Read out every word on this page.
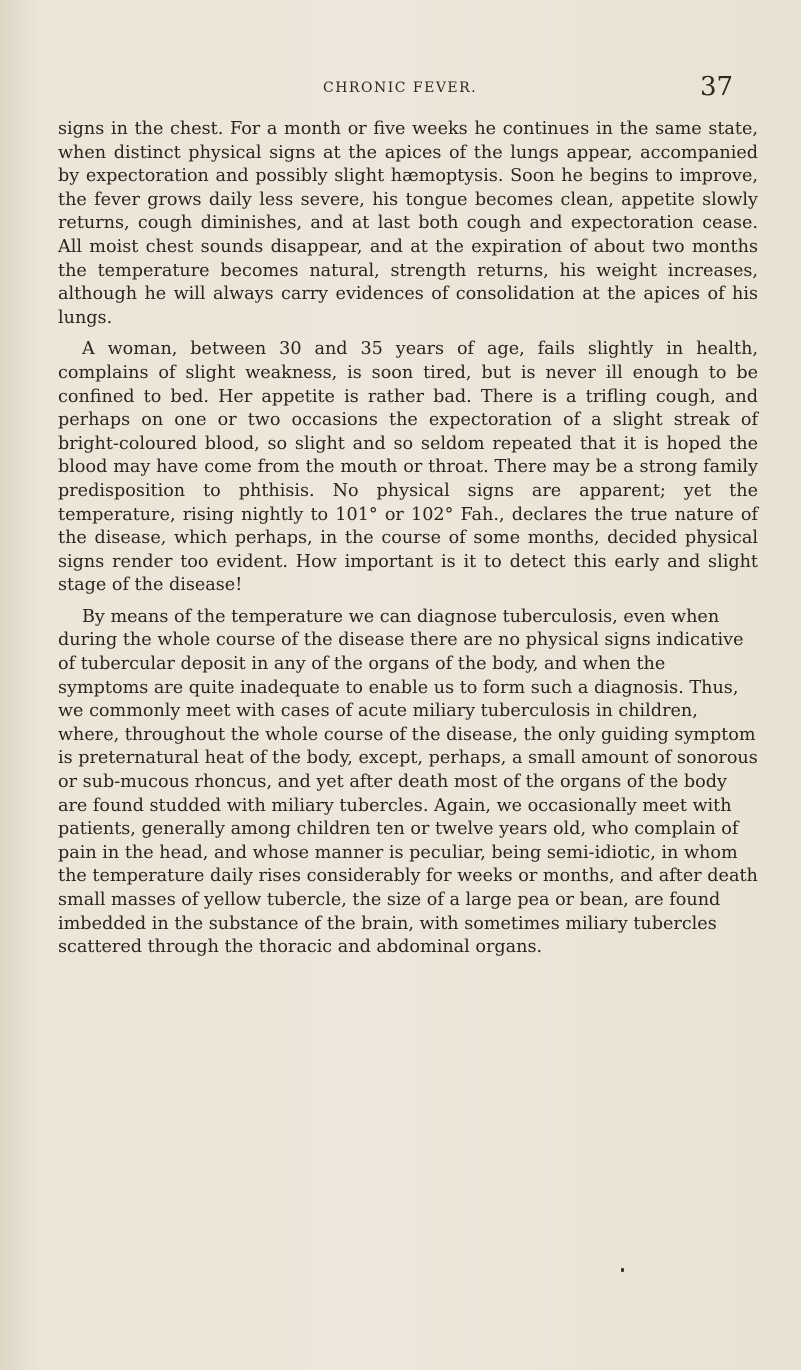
CHRONIC FEVER.	37

signs in the chest. For a month or five weeks he continues in the same state, when distinct physical signs at the apices of the lungs appear, accompanied by expectoration and possibly slight hæmoptysis. Soon he begins to improve, the fever grows daily less severe, his tongue becomes clean, appetite slowly returns, cough diminishes, and at last both cough and expectoration cease. All moist chest sounds disappear, and at the expiration of about two months the temperature becomes natural, strength returns, his weight increases, although he will always carry evidences of consolidation at the apices of his lungs.

A woman, between 30 and 35 years of age, fails slightly in health, complains of slight weakness, is soon tired, but is never ill enough to be confined to bed. Her appetite is rather bad. There is a trifling cough, and perhaps on one or two occasions the expectoration of a slight streak of bright-coloured blood, so slight and so seldom repeated that it is hoped the blood may have come from the mouth or throat. There may be a strong family predisposition to phthisis. No physical signs are apparent; yet the temperature, rising nightly to 101° or 102° Fah., declares the true nature of the disease, which perhaps, in the course of some months, decided physical signs render too evident. How important is it to detect this early and slight stage of the disease!

By means of the temperature we can diagnose tuberculosis, even when during the whole course of the disease there are no physical signs indicative of tubercular deposit in any of the organs of the body, and when the symptoms are quite inadequate to enable us to form such a diagnosis. Thus, we commonly meet with cases of acute miliary tuberculosis in children, where, throughout the whole course of the disease, the only guiding symptom is preternatural heat of the body, except, perhaps, a small amount of sonorous or sub-mucous rhoncus, and yet after death most of the organs of the body are found studded with miliary tubercles. Again, we occasionally meet with patients, generally among children ten or twelve years old, who complain of pain in the head, and whose manner is peculiar, being semi-idiotic, in whom the temperature daily rises considerably for weeks or months, and after death small masses of yellow tubercle, the size of a large pea or bean, are found imbedded in the substance of the brain, with sometimes miliary tubercles scattered through the thoracic and abdominal organs.
